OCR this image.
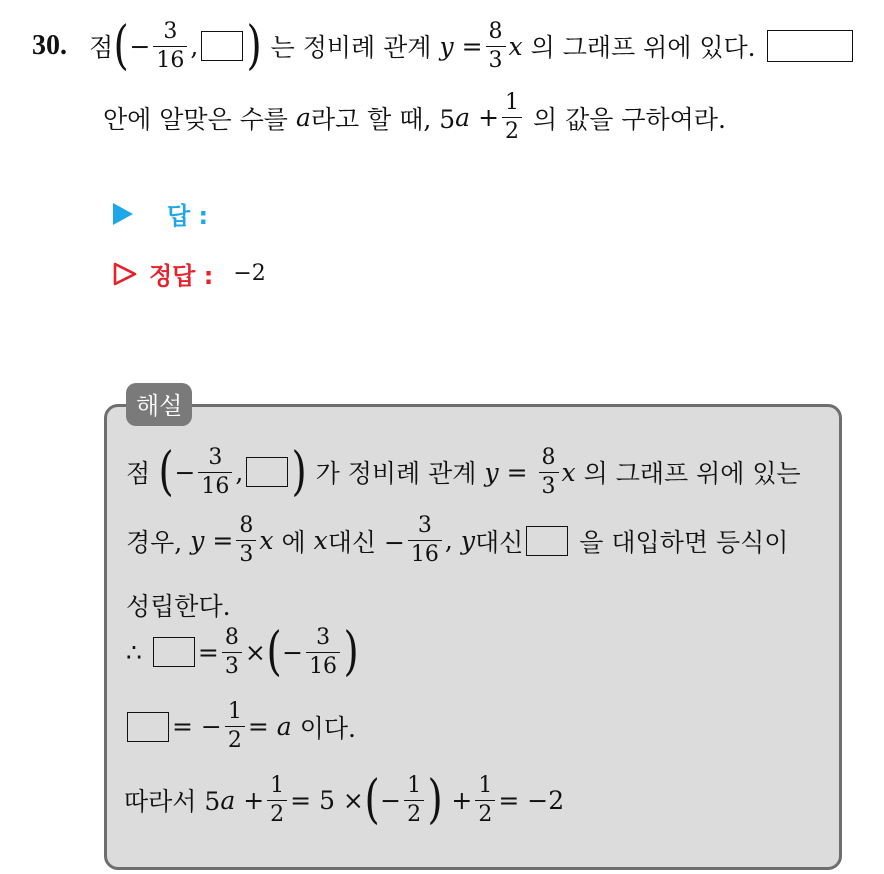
30. 점 ( − $\frac{3}{16}$ , ) 는 정비례 관계 $y = \frac{8}{3}$ x 의 그래프 위에 있다.
안에 알맞은 수를 a 라고 할 때, 5 $a + \frac{1}{2}$ 의 값을 구하여라.
답 :
정답 : −2
해설
점 ( − $\frac{3}{16}$ , ) 가 정비례 관계 $y = \frac{8}{3}$ x 의 그래프 위에 있는
경우, $y = \frac{8}{3}$ x 에 x 대신 − $\frac{3}{16}$ , y 대신 을 대입하면 등식이
성립한다.
∴ = $\frac{8}{3}$ × ( − $\frac{3}{16}$ )
= − $\frac{1}{2} = a$ 이다.
따라서 5 $a + \frac{1}{2} = 5$ × ( − $\frac{1}{2}$ ) + $\frac{1}{2} = -2$
